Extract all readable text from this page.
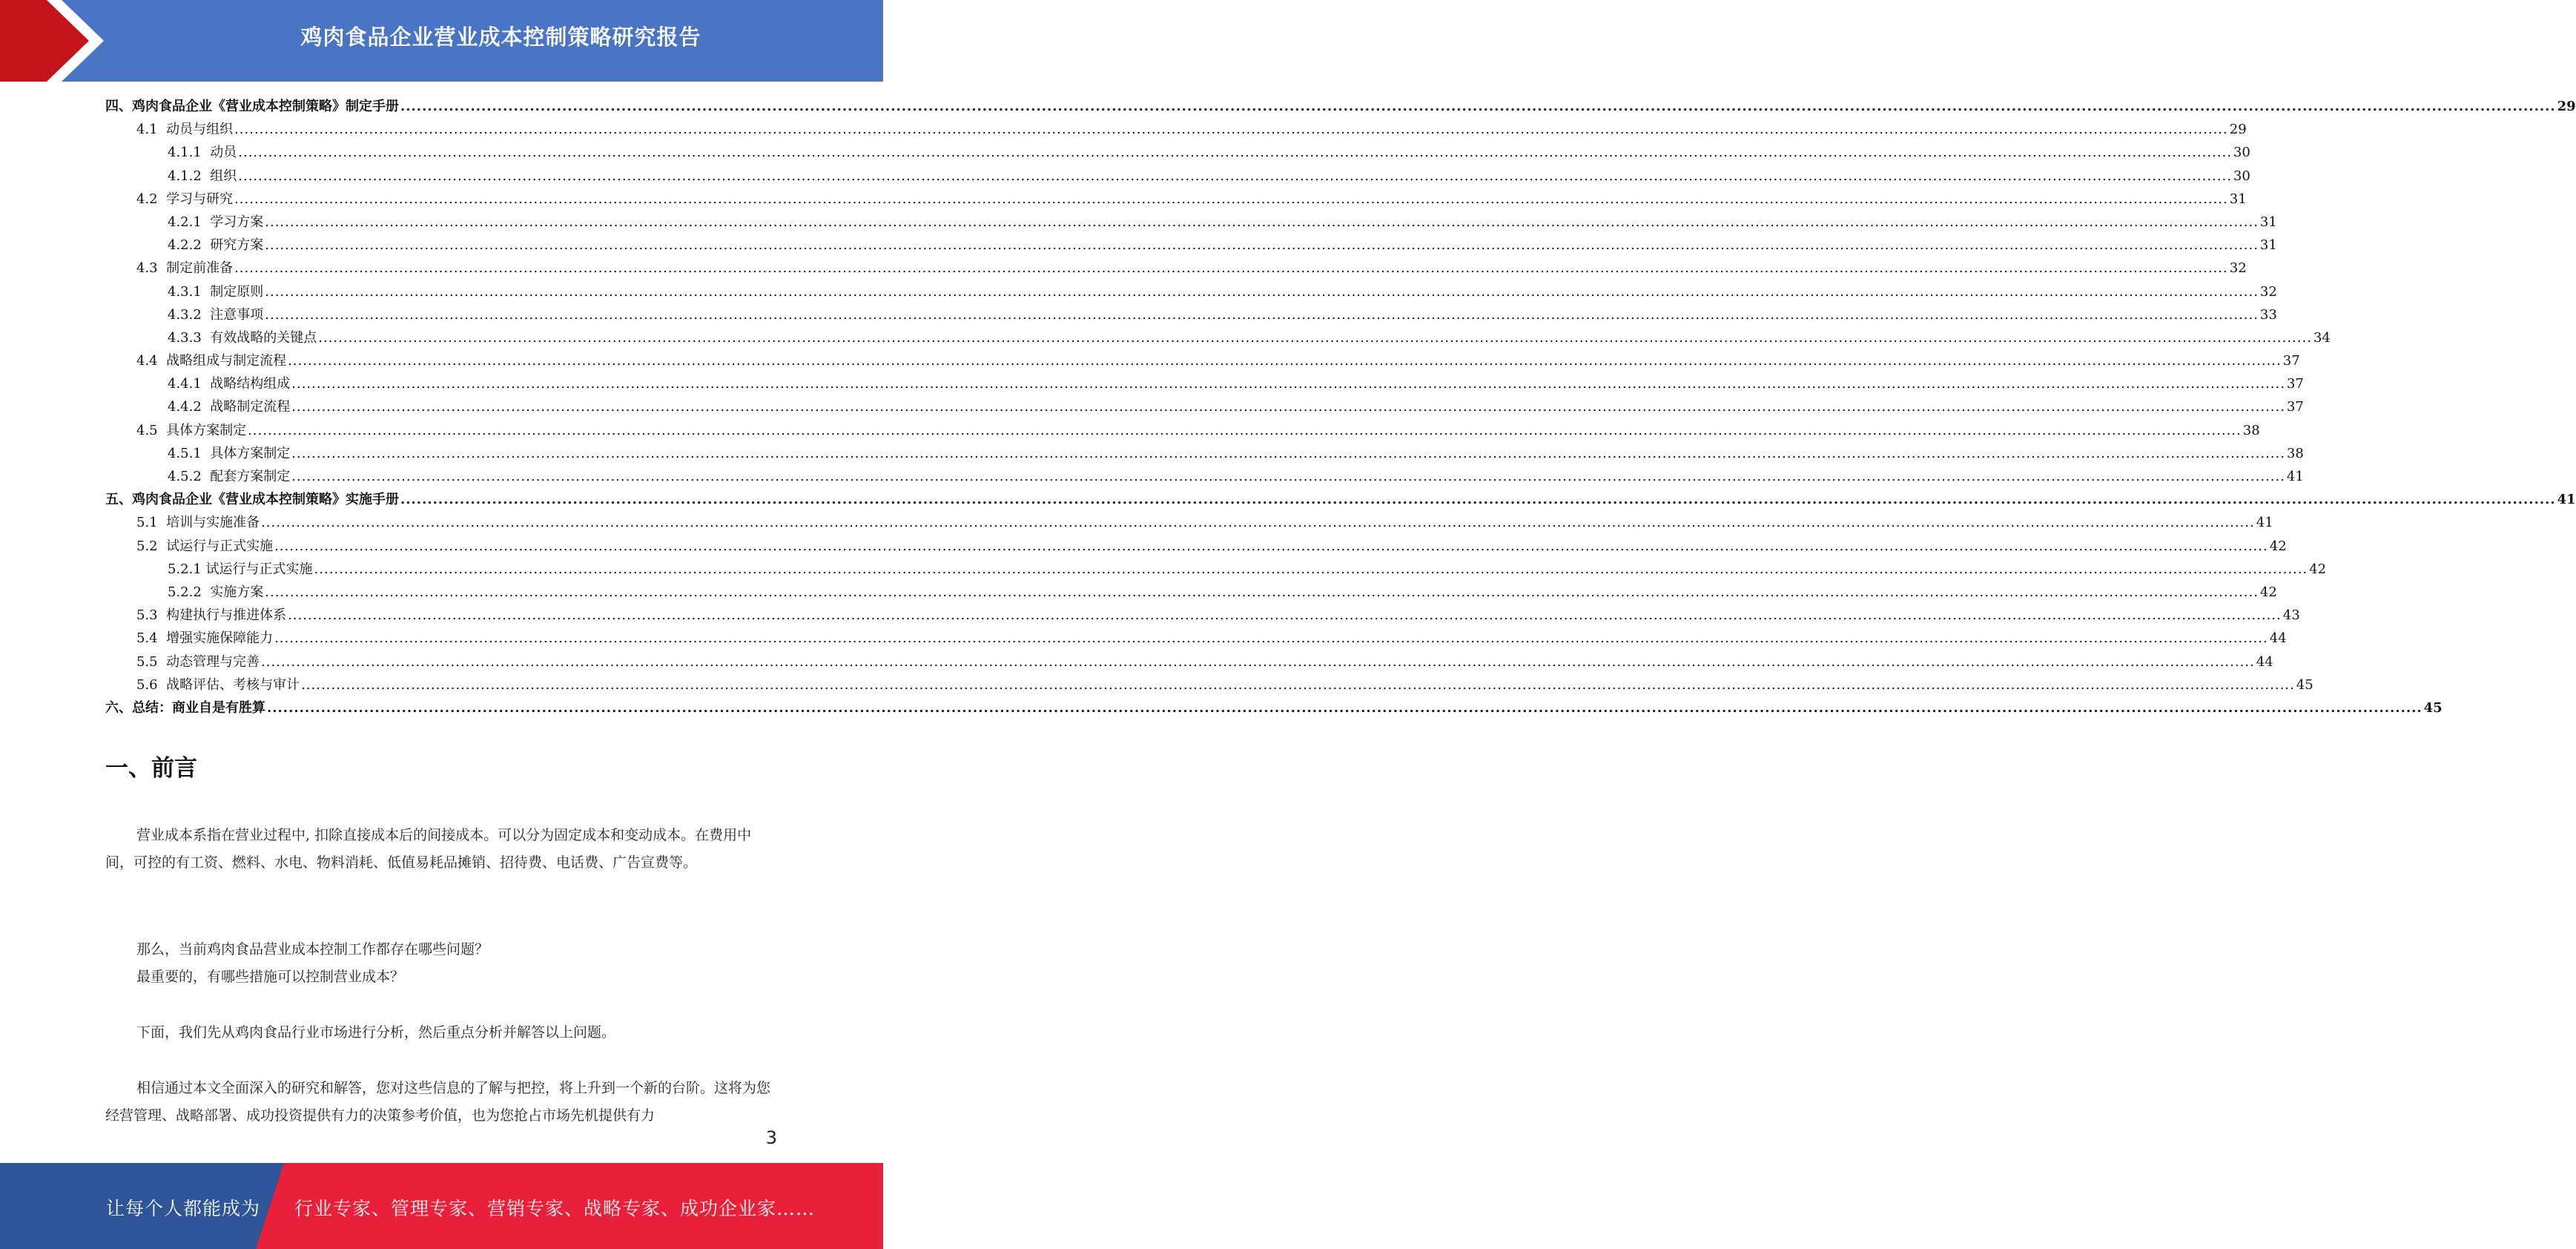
鸡肉食品企业营业成本控制策略研究报告
四、鸡肉食品企业《营业成本控制策略》制定手册 ................................................................................................................................................................................................................................................................................................................................................................................................................ 29
4.1  动员与组织 ................................................................................................................................................................................................................................................................................................................................................................................................................ 29
4.1.1  动员 ................................................................................................................................................................................................................................................................................................................................................................................................................ 30
4.1.2  组织 ................................................................................................................................................................................................................................................................................................................................................................................................................ 30
4.2  学习与研究 ................................................................................................................................................................................................................................................................................................................................................................................................................ 31
4.2.1  学习方案 ................................................................................................................................................................................................................................................................................................................................................................................................................ 31
4.2.2  研究方案 ................................................................................................................................................................................................................................................................................................................................................................................................................ 31
4.3  制定前准备 ................................................................................................................................................................................................................................................................................................................................................................................................................ 32
4.3.1  制定原则 ................................................................................................................................................................................................................................................................................................................................................................................................................ 32
4.3.2  注意事项 ................................................................................................................................................................................................................................................................................................................................................................................................................ 33
4.3.3  有效战略的关键点 ................................................................................................................................................................................................................................................................................................................................................................................................................ 34
4.4  战略组成与制定流程 ................................................................................................................................................................................................................................................................................................................................................................................................................ 37
4.4.1  战略结构组成 ................................................................................................................................................................................................................................................................................................................................................................................................................ 37
4.4.2  战略制定流程 ................................................................................................................................................................................................................................................................................................................................................................................................................ 37
4.5  具体方案制定 ................................................................................................................................................................................................................................................................................................................................................................................................................ 38
4.5.1  具体方案制定 ................................................................................................................................................................................................................................................................................................................................................................................................................ 38
4.5.2  配套方案制定 ................................................................................................................................................................................................................................................................................................................................................................................................................ 41
五、鸡肉食品企业《营业成本控制策略》实施手册 ................................................................................................................................................................................................................................................................................................................................................................................................................ 41
5.1  培训与实施准备 ................................................................................................................................................................................................................................................................................................................................................................................................................ 41
5.2  试运行与正式实施 ................................................................................................................................................................................................................................................................................................................................................................................................................ 42
5.2.1 试运行与正式实施 ................................................................................................................................................................................................................................................................................................................................................................................................................ 42
5.2.2  实施方案 ................................................................................................................................................................................................................................................................................................................................................................................................................ 42
5.3  构建执行与推进体系 ................................................................................................................................................................................................................................................................................................................................................................................................................ 43
5.4  增强实施保障能力 ................................................................................................................................................................................................................................................................................................................................................................................................................ 44
5.5  动态管理与完善 ................................................................................................................................................................................................................................................................................................................................................................................................................ 44
5.6  战略评估、考核与审计 ................................................................................................................................................................................................................................................................................................................................................................................................................ 45
六、总结：商业自是有胜算 ................................................................................................................................................................................................................................................................................................................................................................................................................ 45
一、前言
营业成本系指在营业过程中, 扣除直接成本后的间接成本。可以分为固定成本和变动成本。在费用中间，可控的有工资、燃料、水电、物料消耗、低值易耗品摊销、招待费、电话费、广告宣费等。
那么，当前鸡肉食品营业成本控制工作都存在哪些问题？
最重要的，有哪些措施可以控制营业成本？
下面，我们先从鸡肉食品行业市场进行分析，然后重点分析并解答以上问题。
相信通过本文全面深入的研究和解答，您对这些信息的了解与把控，将上升到一个新的台阶。这将为您经营管理、战略部署、成功投资提供有力的决策参考价值，也为您抢占市场先机提供有力
3
让每个人都能成为 行业专家、管理专家、营销专家、战略专家、成功企业家……
